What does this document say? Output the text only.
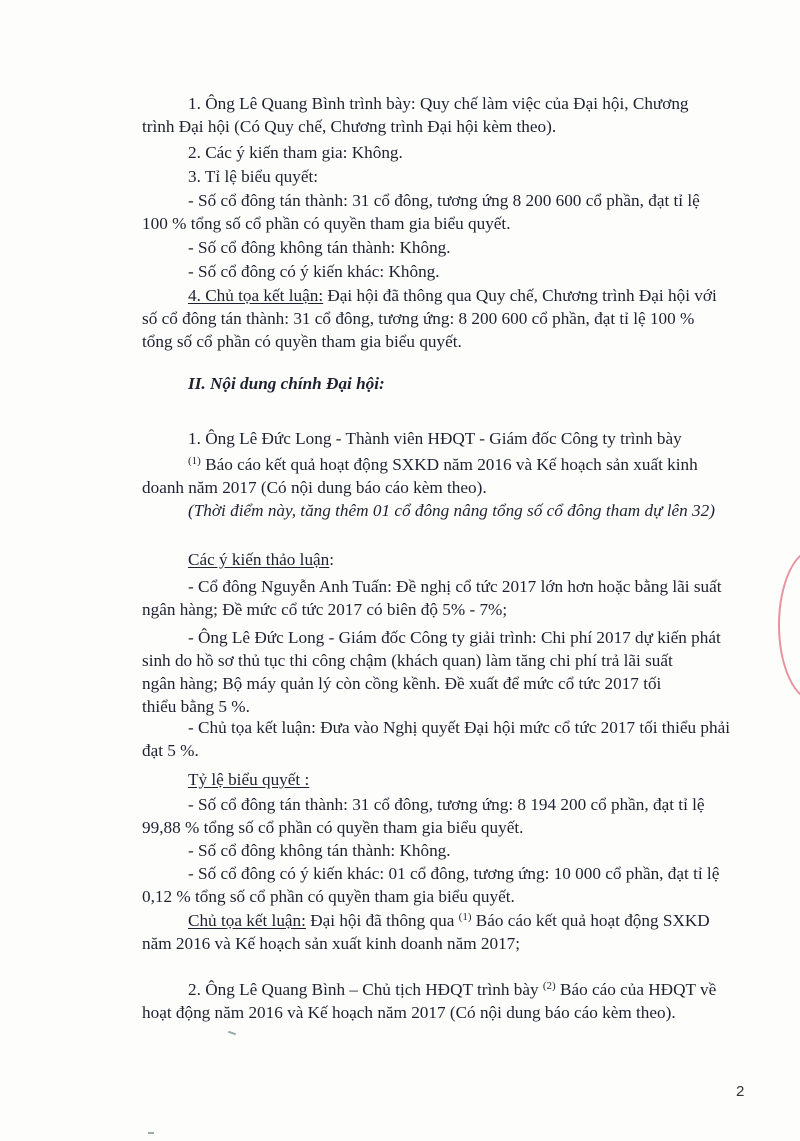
1. Ông Lê Quang Bình trình bày: Quy chế làm việc của Đại hội, Chương
trình Đại hội (Có Quy chế, Chương trình Đại hội kèm theo).
2. Các ý kiến tham gia: Không.
3. Tỉ lệ biểu quyết:
- Số cổ đông tán thành: 31 cổ đông, tương ứng 8 200 600 cổ phần, đạt tỉ lệ
100 % tổng số cổ phần có quyền tham gia biểu quyết.
- Số cổ đông không tán thành: Không.
- Số cổ đông có ý kiến khác: Không.
4. Chủ tọa kết luận: Đại hội đã thông qua Quy chế, Chương trình Đại hội với
số cổ đông tán thành: 31 cổ đông, tương ứng: 8 200 600 cổ phần, đạt tỉ lệ 100 %
tổng số cổ phần có quyền tham gia biểu quyết.
II. Nội dung chính Đại hội:
1. Ông Lê Đức Long - Thành viên HĐQT - Giám đốc Công ty trình bày
$^{(1)}$ Báo cáo kết quả hoạt động SXKD năm 2016 và Kế hoạch sản xuất kinh
doanh năm 2017 (Có nội dung báo cáo kèm theo).
(Thời điểm này, tăng thêm 01 cổ đông nâng tổng số cổ đông tham dự lên 32)
Các ý kiến thảo luận:
- Cổ đông Nguyễn Anh Tuấn: Đề nghị cổ tức 2017 lớn hơn hoặc bằng lãi suất
ngân hàng; Đề mức cổ tức 2017 có biên độ 5% - 7%;
- Ông Lê Đức Long - Giám đốc Công ty giải trình: Chi phí 2017 dự kiến phát
sinh do hồ sơ thủ tục thi công chậm (khách quan) làm tăng chi phí trả lãi suất
ngân hàng; Bộ máy quản lý còn cồng kềnh. Đề xuất để mức cổ tức 2017 tối
thiểu bằng 5 %.
- Chủ tọa kết luận: Đưa vào Nghị quyết Đại hội mức cổ tức 2017 tối thiểu phải
đạt 5 %.
Tỷ lệ biểu quyết :
- Số cổ đông tán thành: 31 cổ đông, tương ứng: 8 194 200 cổ phần, đạt tỉ lệ
99,88 % tổng số cổ phần có quyền tham gia biểu quyết.
- Số cổ đông không tán thành: Không.
- Số cổ đông có ý kiến khác: 01 cổ đông, tương ứng: 10 000 cổ phần, đạt tỉ lệ
0,12 % tổng số cổ phần có quyền tham gia biểu quyết.
Chủ tọa kết luận: Đại hội đã thông qua $^{(1)}$ Báo cáo kết quả hoạt động SXKD
năm 2016 và Kế hoạch sản xuất kinh doanh năm 2017;
2. Ông Lê Quang Bình – Chủ tịch HĐQT trình bày $^{(2)}$ Báo cáo của HĐQT về
hoạt động năm 2016 và Kế hoạch năm 2017 (Có nội dung báo cáo kèm theo).
2
